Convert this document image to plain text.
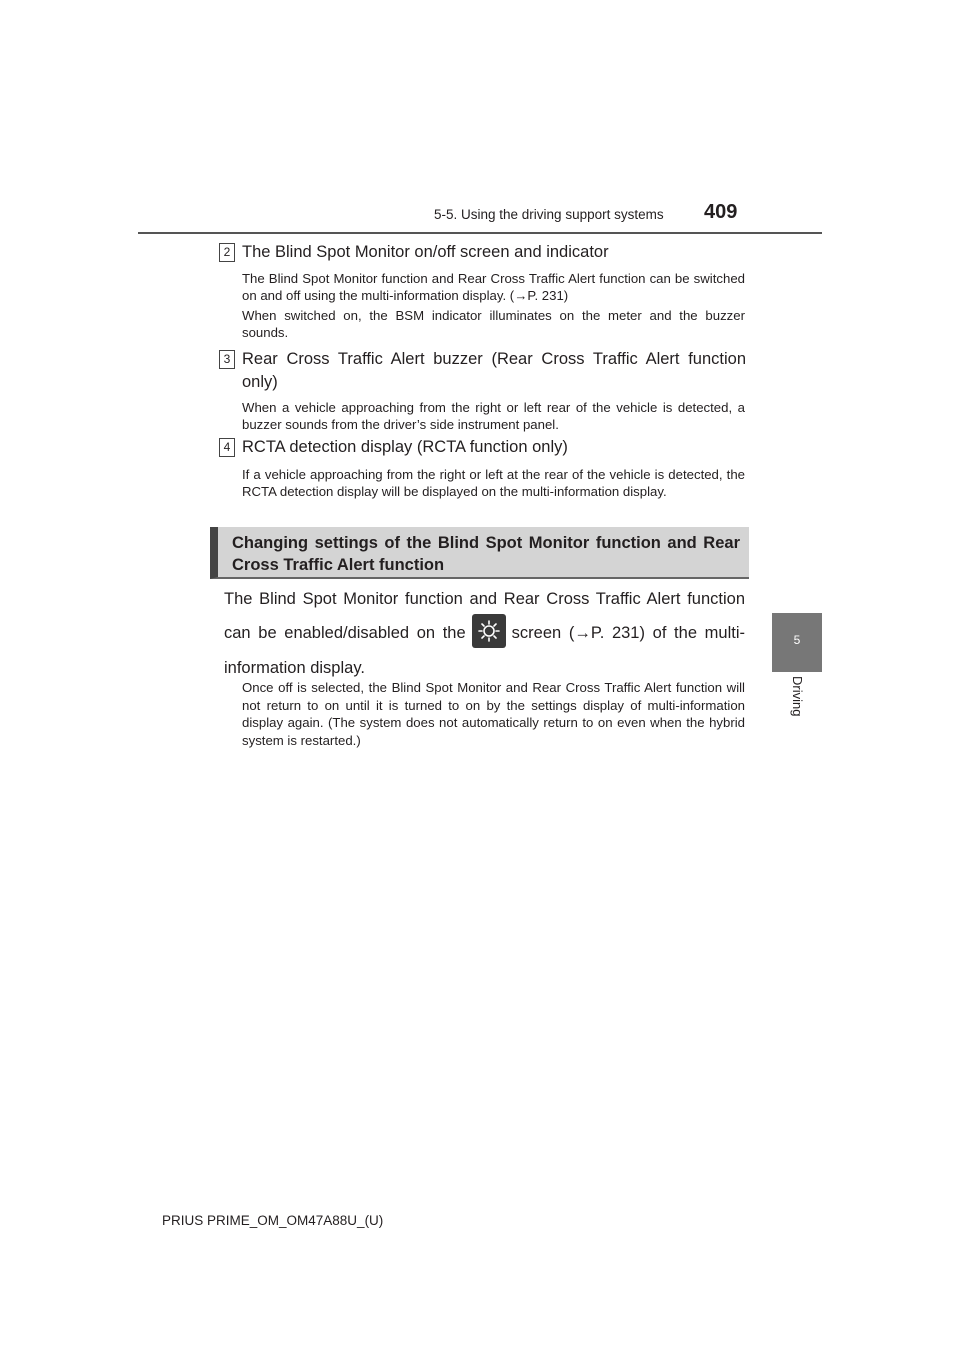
5-5. Using the driving support systems 409
2 The Blind Spot Monitor on/off screen and indicator

The Blind Spot Monitor function and Rear Cross Traffic Alert function can be switched on and off using the multi-information display. (→P. 231)

When switched on, the BSM indicator illuminates on the meter and the buzzer sounds.

3 Rear Cross Traffic Alert buzzer (Rear Cross Traffic Alert function only)

When a vehicle approaching from the right or left rear of the vehicle is detected, a buzzer sounds from the driver’s side instrument panel.

4 RCTA detection display (RCTA function only)

If a vehicle approaching from the right or left at the rear of the vehicle is detected, the RCTA detection display will be displayed on the multi-information display.

Changing settings of the Blind Spot Monitor function and Rear Cross Traffic Alert function
The Blind Spot Monitor function and Rear Cross Traffic Alert function can be enabled/disabled on the	screen (→P. 231) of the multi-information display.
Once off is selected, the Blind Spot Monitor and Rear Cross Traffic Alert function will not return to on until it is turned to on by the settings display of multi-information display again. (The system does not automatically return to on even when the hybrid system is restarted.)
5
Driving
PRIUS PRIME_OM_OM47A88U_(U)
